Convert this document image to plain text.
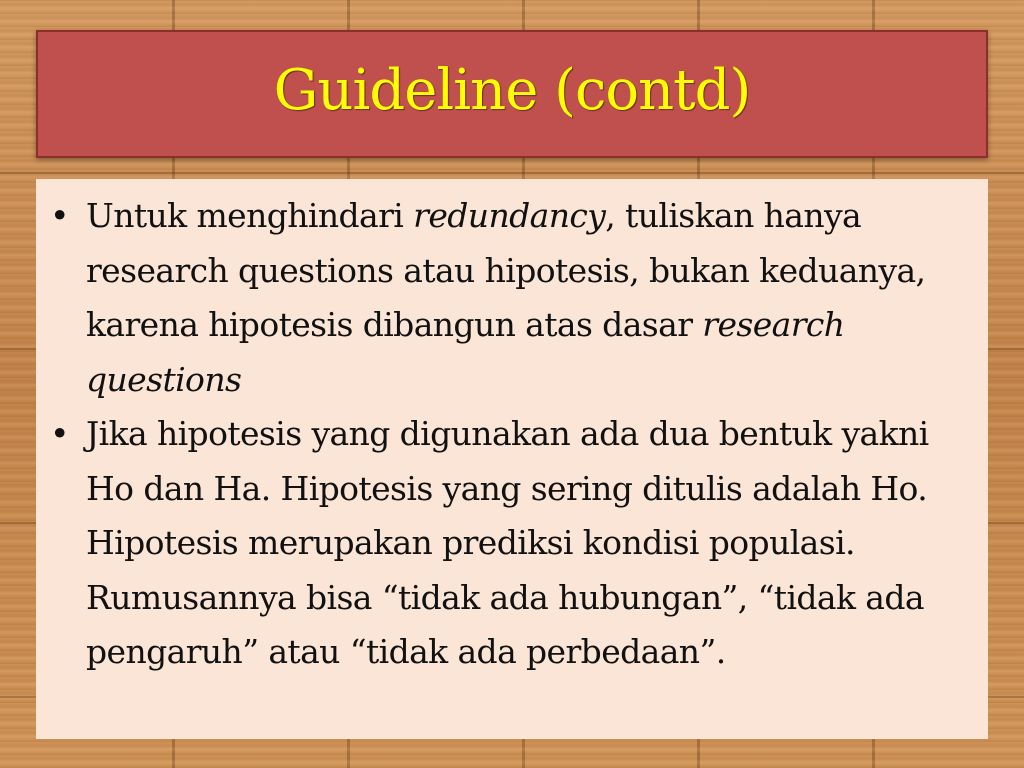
Guideline (contd)
• Untuk menghindari redundancy, tuliskan hanya research questions atau hipotesis, bukan keduanya, karena hipotesis dibangun atas dasar research questions
• Jika hipotesis yang digunakan ada dua bentuk yakni Ho dan Ha. Hipotesis yang sering ditulis adalah Ho. Hipotesis merupakan prediksi kondisi populasi. Rumusannya bisa “tidak ada hubungan”, “tidak ada pengaruh” atau “tidak ada perbedaan”.
